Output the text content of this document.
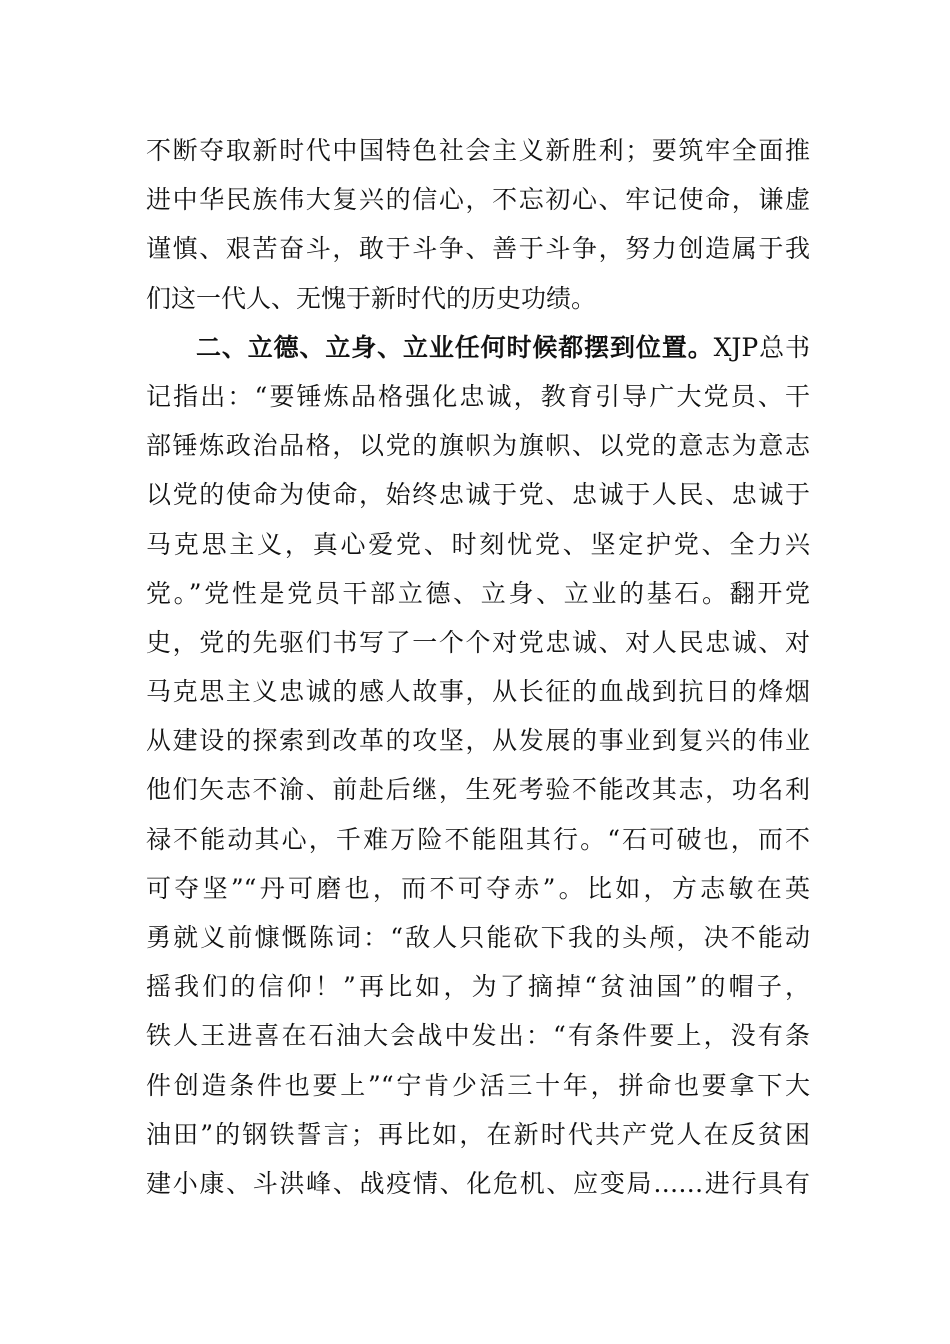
不断夺取新时代中国特色社会主义新胜利；要筑牢全面推
进中华民族伟大复兴的信心，不忘初心、牢记使命，谦虚
谨慎、艰苦奋斗，敢于斗争、善于斗争，努力创造属于我
们这一代人、无愧于新时代的历史功绩。
二、立德、立身、立业任何时候都摆到位置。XJP总书
记指出：“要锤炼品格强化忠诚，教育引导广大党员、干
部锤炼政治品格，以党的旗帜为旗帜、以党的意志为意志
以党的使命为使命，始终忠诚于党、忠诚于人民、忠诚于
马克思主义，真心爱党、时刻忧党、坚定护党、全力兴
党。”党性是党员干部立德、立身、立业的基石。翻开党
史，党的先驱们书写了一个个对党忠诚、对人民忠诚、对
马克思主义忠诚的感人故事，从长征的血战到抗日的烽烟
从建设的探索到改革的攻坚，从发展的事业到复兴的伟业
他们矢志不渝、前赴后继，生死考验不能改其志，功名利
禄不能动其心，千难万险不能阻其行。“石可破也，而不
可夺坚”“丹可磨也，而不可夺赤”。比如，方志敏在英
勇就义前慷慨陈词：“敌人只能砍下我的头颅，决不能动
摇我们的信仰！”再比如，为了摘掉“贫油国”的帽子，
铁人王进喜在石油大会战中发出：“有条件要上，没有条
件创造条件也要上”“宁肯少活三十年，拼命也要拿下大
油田”的钢铁誓言；再比如，在新时代共产党人在反贫困
建小康、斗洪峰、战疫情、化危机、应变局……进行具有
